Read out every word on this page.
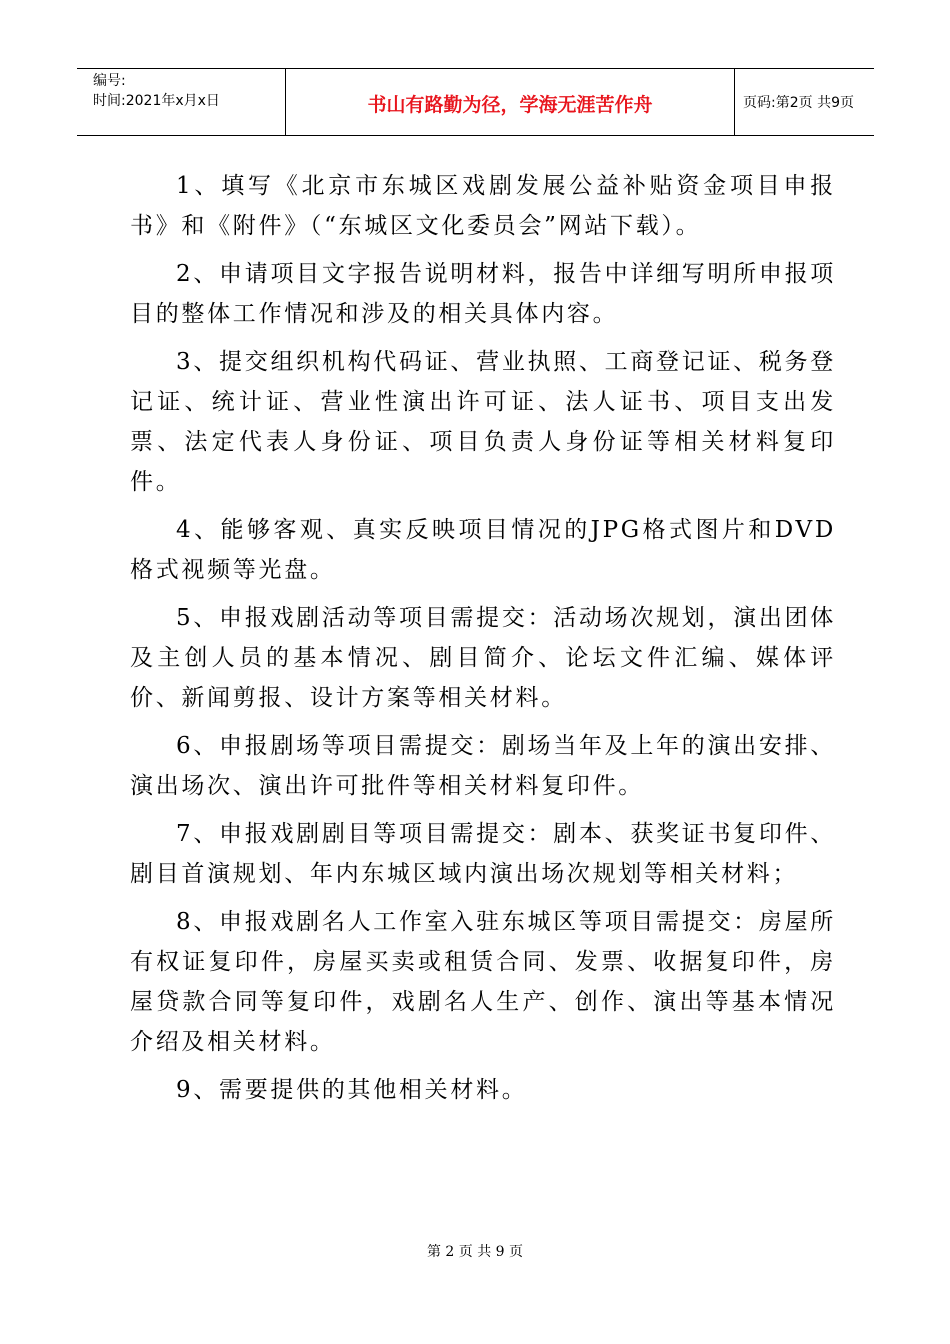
编号:
时间:2021年x月x日	书山有路勤为径，学海无涯苦作舟	页码:第2页 共9页

1、填写《北京市东城区戏剧发展公益补贴资金项目申报书》和《附件》（“东城区文化委员会”网站下载）。

2、申请项目文字报告说明材料，报告中详细写明所申报项目的整体工作情况和涉及的相关具体内容。

3、提交组织机构代码证、营业执照、工商登记证、税务登记证、统计证、营业性演出许可证、法人证书、项目支出发票、法定代表人身份证、项目负责人身份证等相关材料复印件。

4、能够客观、真实反映项目情况的JPG格式图片和DVD格式视频等光盘。

5、申报戏剧活动等项目需提交：活动场次规划，演出团体及主创人员的基本情况、剧目简介、论坛文件汇编、媒体评价、新闻剪报、设计方案等相关材料。

6、申报剧场等项目需提交：剧场当年及上年的演出安排、演出场次、演出许可批件等相关材料复印件。

7、申报戏剧剧目等项目需提交：剧本、获奖证书复印件、剧目首演规划、年内东城区域内演出场次规划等相关材料；

8、申报戏剧名人工作室入驻东城区等项目需提交：房屋所有权证复印件，房屋买卖或租赁合同、发票、收据复印件，房屋贷款合同等复印件，戏剧名人生产、创作、演出等基本情况介绍及相关材料。

9、需要提供的其他相关材料。

第 2 页 共 9 页
